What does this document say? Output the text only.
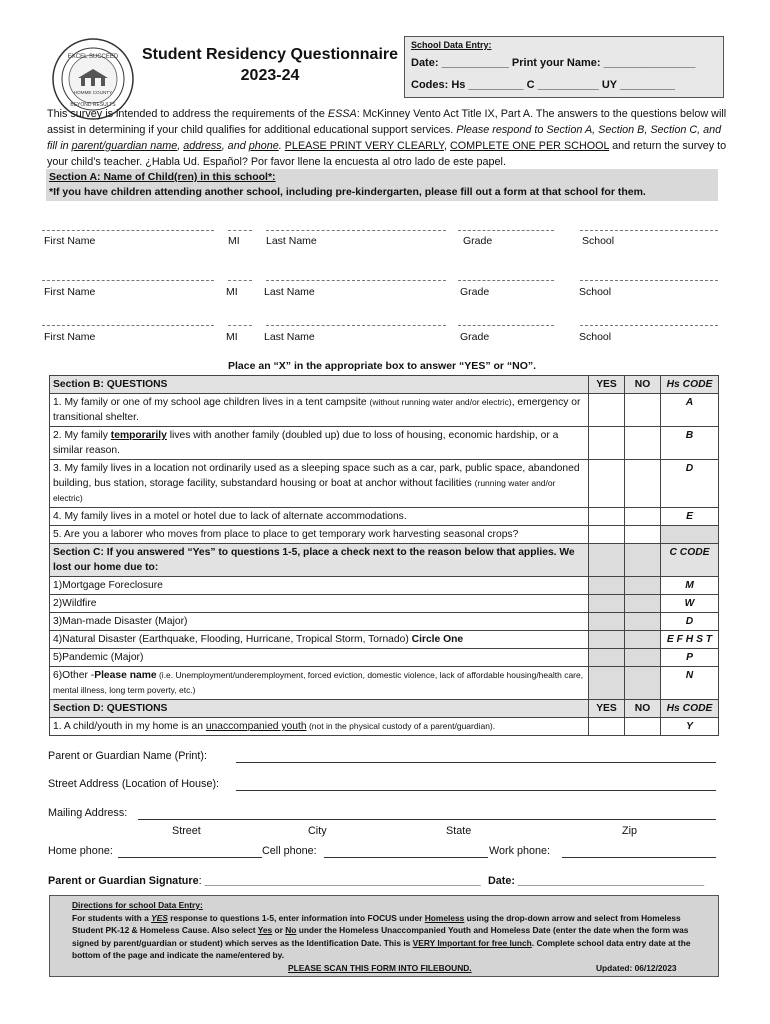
EXCEL SUCCEED
BEYOND RESULTS
HOMME COUNTY
Student Residency Questionnaire
2023-24
School Data Entry:
Date: ___________ Print your Name: _______________
Codes: Hs _________ C __________ UY _________
This survey is intended to address the requirements of the ESSA: McKinney Vento Act Title IX, Part A. The answers to the questions below will assist in determining if your child qualifies for additional educational support services. Please respond to Section A, Section B, Section C, and fill in parent/guardian name, address, and phone. PLEASE PRINT VERY CLEARLY, COMPLETE ONE PER SCHOOL and return the survey to your child’s teacher. ¿Habla Ud. Español? Por favor llene la encuesta al otro lado de este papel.
Section A: Name of Child(ren) in this school*:
*If you have children attending another school, including pre-kindergarten, please fill out a form at that school for them.
First Name	MI	Last Name	Grade	School
First Name	MI	Last Name	Grade	School
First Name	MI	Last Name	Grade	School
Place an “X” in the appropriate box to answer “YES” or “NO”.
Section B: QUESTIONS	YES	NO	Hs CODE
1. My family or one of my school age children lives in a tent campsite (without running water and/or electric), emergency or transitional shelter.			A
2. My family temporarily lives with another family (doubled up) due to loss of housing, economic hardship, or a similar reason.			B
3. My family lives in a location not ordinarily used as a sleeping space such as a car, park, public space, abandoned building, bus station, storage facility, substandard housing or boat at anchor without facilities (running water and/or electric)			D
4. My family lives in a motel or hotel due to lack of alternate accommodations.			E
5. Are you a laborer who moves from place to place to get temporary work harvesting seasonal crops?			
Section C: If you answered “Yes” to questions 1-5, place a check next to the reason below that applies. We lost our home due to:			C CODE
1)Mortgage Foreclosure			M
2)Wildfire			W
3)Man-made Disaster (Major)			D
4)Natural Disaster (Earthquake, Flooding, Hurricane, Tropical Storm, Tornado) Circle One			E F H S T
5)Pandemic (Major)			P
6)Other -Please name (i.e. Unemployment/underemployment, forced eviction, domestic violence, lack of affordable housing/health care, mental illness, long term poverty, etc.)			N
Section D: QUESTIONS	YES	NO	Hs CODE
1. A child/youth in my home is an unaccompanied youth (not in the physical custody of a parent/guardian).			Y
Parent or Guardian Name (Print):
Street Address (Location of House):
Mailing Address:
Street	City	State	Zip
Home phone:	Cell phone:	Work phone:
Parent or Guardian Signature: ______________________________________________ Date: _______________________________
Directions for school Data Entry:
For students with a YES response to questions 1-5, enter information into FOCUS under Homeless using the drop-down arrow and select from Homeless Student PK-12 & Homeless Cause. Also select Yes or No under the Homeless Unaccompanied Youth and Homeless Date (enter the date when the form was signed by parent/guardian or student) which serves as the Identification Date. This is VERY Important for free lunch. Complete school data entry date at the bottom of the page and indicate the name/entered by.
PLEASE SCAN THIS FORM INTO FILEBOUND.	Updated: 06/12/2023
